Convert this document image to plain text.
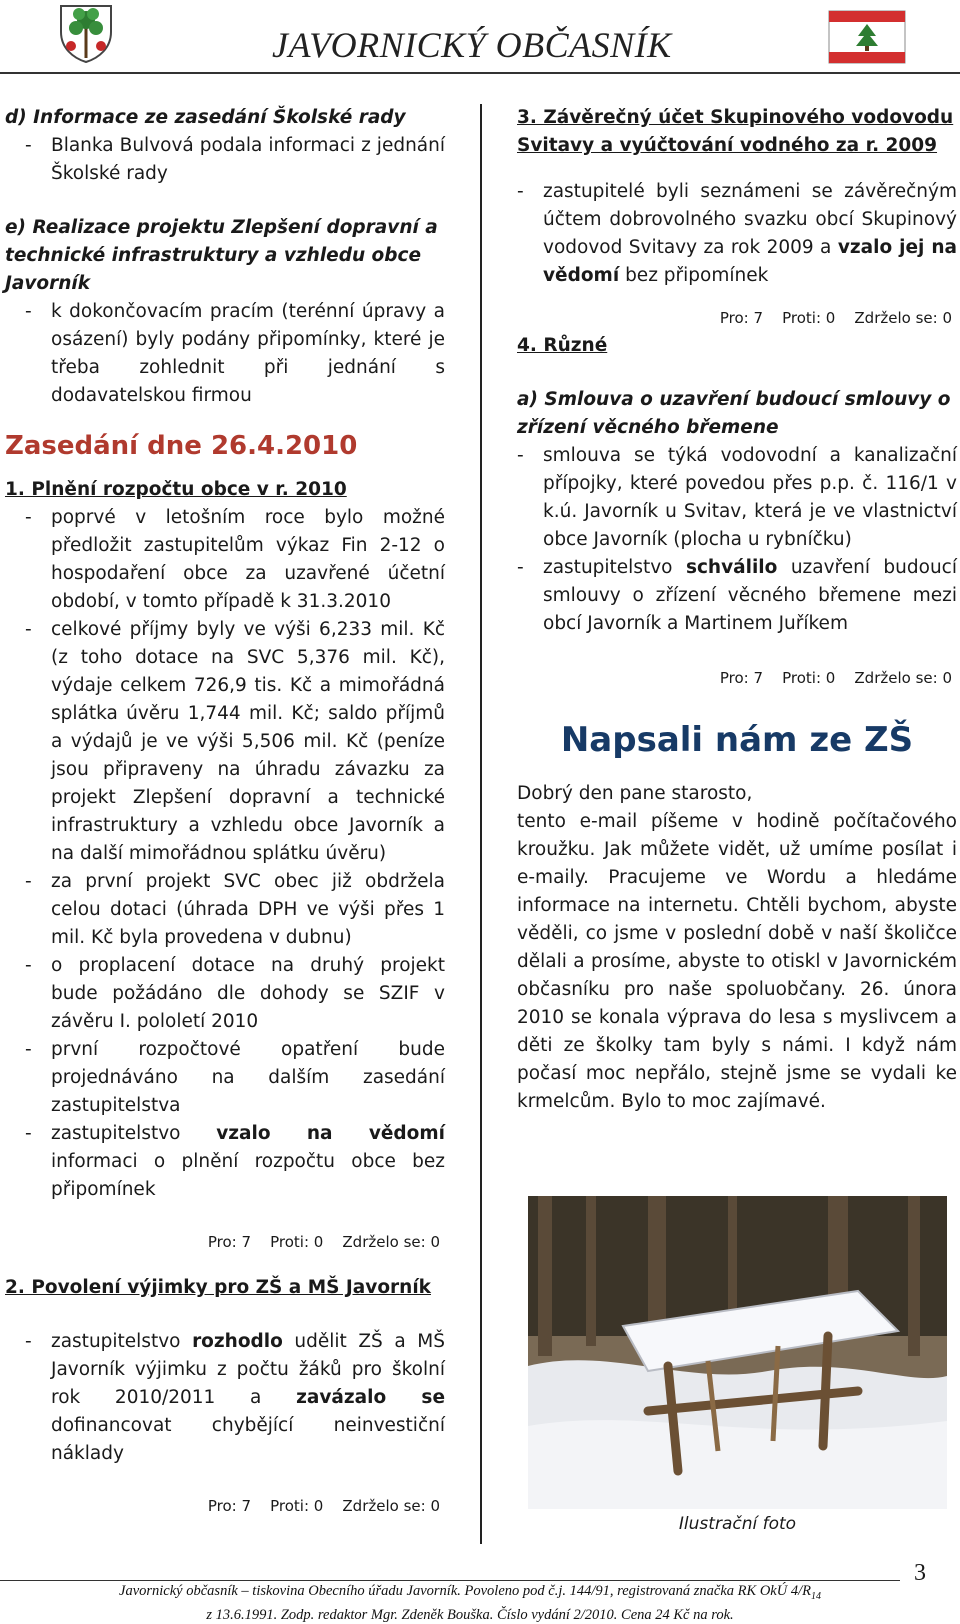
JAVORNICKÝ OBČASNÍK
d) Informace ze zasedání Školské rady
-	Blanka Bulvová podala informaci z jednání Školské rady
e) Realizace projektu Zlepšení dopravní a technické infrastruktury a vzhledu obce Javorník
-	k dokončovacím pracím (terénní úpravy a osázení) byly podány připomínky, které je třeba zohlednit při jednání s dodavatelskou firmou
Zasedání dne 26.4.2010
1. Plnění rozpočtu obce v r. 2010
-	poprvé v letošním roce bylo možné předložit zastupitelům výkaz Fin 2-12 o hospodaření obce za uzavřené účetní období, v tomto případě k 31.3.2010
-	celkové příjmy byly ve výši 6,233 mil. Kč (z toho dotace na SVC 5,376 mil. Kč), výdaje celkem 726,9 tis. Kč a mimořádná splátka úvěru 1,744 mil. Kč; saldo příjmů a výdajů je ve výši 5,506 mil. Kč (peníze jsou připraveny na úhradu závazku za projekt Zlepšení dopravní a technické infrastruktury a vzhledu obce Javorník a na další mimořádnou splátku úvěru)
-	za první projekt SVC obec již obdržela celou dotaci (úhrada DPH ve výši přes 1 mil. Kč byla provedena v dubnu)
-	o proplacení dotace na druhý projekt bude požádáno dle dohody se SZIF v závěru I. pololetí 2010
-	první rozpočtové opatření bude projednáváno na dalším zasedání zastupitelstva
-	zastupitelstvo vzalo na vědomí informaci o plnění rozpočtu obce bez připomínek
Pro: 7    Proti: 0    Zdrželo se: 0
2. Povolení výjimky pro ZŠ a MŠ Javorník
-	zastupitelstvo rozhodlo udělit ZŠ a MŠ Javorník výjimku z počtu žáků pro školní rok 2010/2011 a zavázalo se dofinancovat chybějící neinvestiční náklady
Pro: 7    Proti: 0    Zdrželo se: 0
3. Závěrečný účet Skupinového vodovodu Svitavy a vyúčtování vodného za r. 2009
-	zastupitelé byli seznámeni se závěrečným účtem dobrovolného svazku obcí Skupinový vodovod Svitavy za rok 2009 a vzalo jej na vědomí bez připomínek
Pro: 7    Proti: 0    Zdrželo se: 0
4. Různé
a) Smlouva o uzavření budoucí smlouvy o zřízení věcného břemene
-	smlouva se týká vodovodní a kanalizační přípojky, které povedou přes p.p. č. 116/1 v k.ú. Javorník u Svitav, která je ve vlastnictví obce Javorník (plocha u rybníčku)
-	zastupitelstvo schválilo uzavření budoucí smlouvy o zřízení věcného břemene mezi obcí Javorník a Martinem Juříkem
Pro: 7    Proti: 0    Zdrželo se: 0
Napsali nám ze ZŠ
Dobrý den pane starosto,
tento e-mail píšeme v hodině počítačového kroužku. Jak můžete vidět, už umíme posílat i e-maily. Pracujeme ve Wordu a hledáme informace na internetu. Chtěli bychom, abyste věděli, co jsme v poslední době v naší školičce dělali a prosíme, abyste to otiskl v Javornickém občasníku pro naše spoluobčany. 26. února 2010 se konala výprava do lesa s myslivcem a děti ze školky tam byly s námi. I když nám počasí moc nepřálo, stejně jsme se vydali ke krmelcům. Bylo to moc zajímavé.
Ilustrační foto
Javornický občasník – tiskovina Obecního úřadu Javorník. Povoleno pod č.j. 144/91, registrovaná značka RK OkÚ $4/R_{14}$
z 13.6.1991. Zodp. redaktor Mgr. Zdeněk Bouška. Číslo vydání 2/2010. Cena 24 Kč na rok.
3
